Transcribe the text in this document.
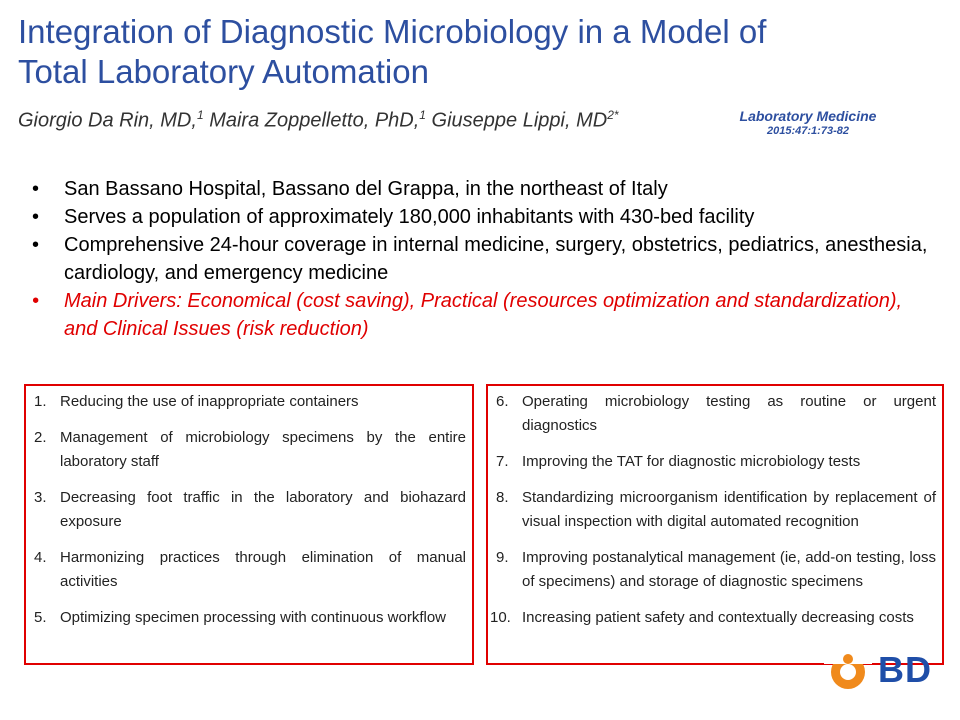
Integration of Diagnostic Microbiology in a Model of Total Laboratory Automation
Giorgio Da Rin, MD,$^1$ Maira Zoppelletto, PhD,$^1$ Giuseppe Lippi, $MD^{2*}$	Laboratory Medicine
2015:47:1:73-82
• San Bassano Hospital, Bassano del Grappa, in the northeast of Italy
• Serves a population of approximately 180,000 inhabitants with 430-bed facility
• Comprehensive 24-hour coverage in internal medicine, surgery, obstetrics, pediatrics, anesthesia, cardiology, and emergency medicine
• Main Drivers: Economical (cost saving), Practical (resources optimization and standardization), and Clinical Issues (risk reduction)
1. Reducing the use of inappropriate containers
2. Management of microbiology specimens by the entire laboratory staff
3. Decreasing foot traffic in the laboratory and biohazard exposure
4. Harmonizing practices through elimination of manual activities
5. Optimizing specimen processing with continuous workflow
6. Operating microbiology testing as routine or urgent diagnostics
7. Improving the TAT for diagnostic microbiology tests
8. Standardizing microorganism identification by replacement of visual inspection with digital automated recognition
9. Improving postanalytical management (ie, add-on testing, loss of specimens) and storage of diagnostic specimens
10. Increasing patient safety and contextually decreasing costs
BD
